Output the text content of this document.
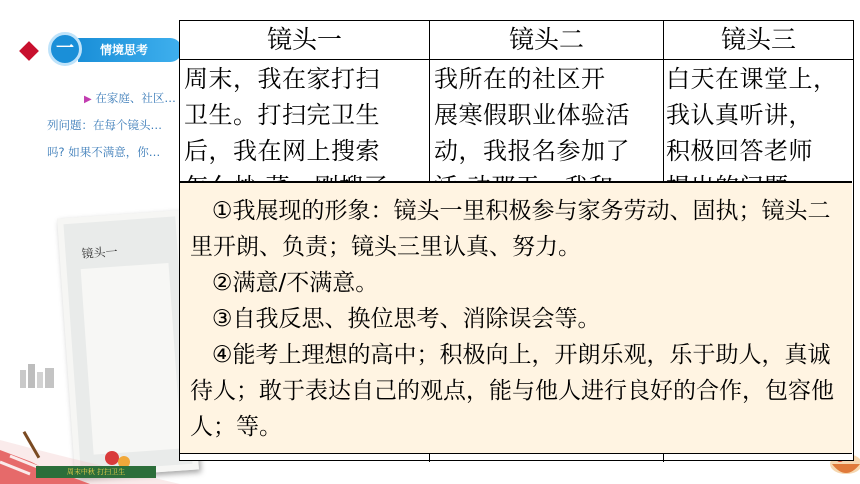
情境思考
一
▶ 在家庭、社区…
列问题：在每个镜头…
吗? 如果不满意，你…
镜头一
周末中秋 打扫卫生
镜头一	镜头二	镜头三
周末，我在家打扫
卫生。打扫完卫生
后，我在网上搜索
我所在的社区开
展寒假职业体验活
动，我报名参加了
白天在课堂上，
我认真听讲，
积极回答老师

①我展现的形象：镜头一里积极参与家务劳动、固执；镜头二里开朗、负责；镜头三里认真、努力。

②满意/不满意。

③自我反思、换位思考、消除误会等。

④能考上理想的高中；积极向上，开朗乐观，乐于助人，真诚待人；敢于表达自己的观点，能与他人进行良好的合作，包容他人；等。
